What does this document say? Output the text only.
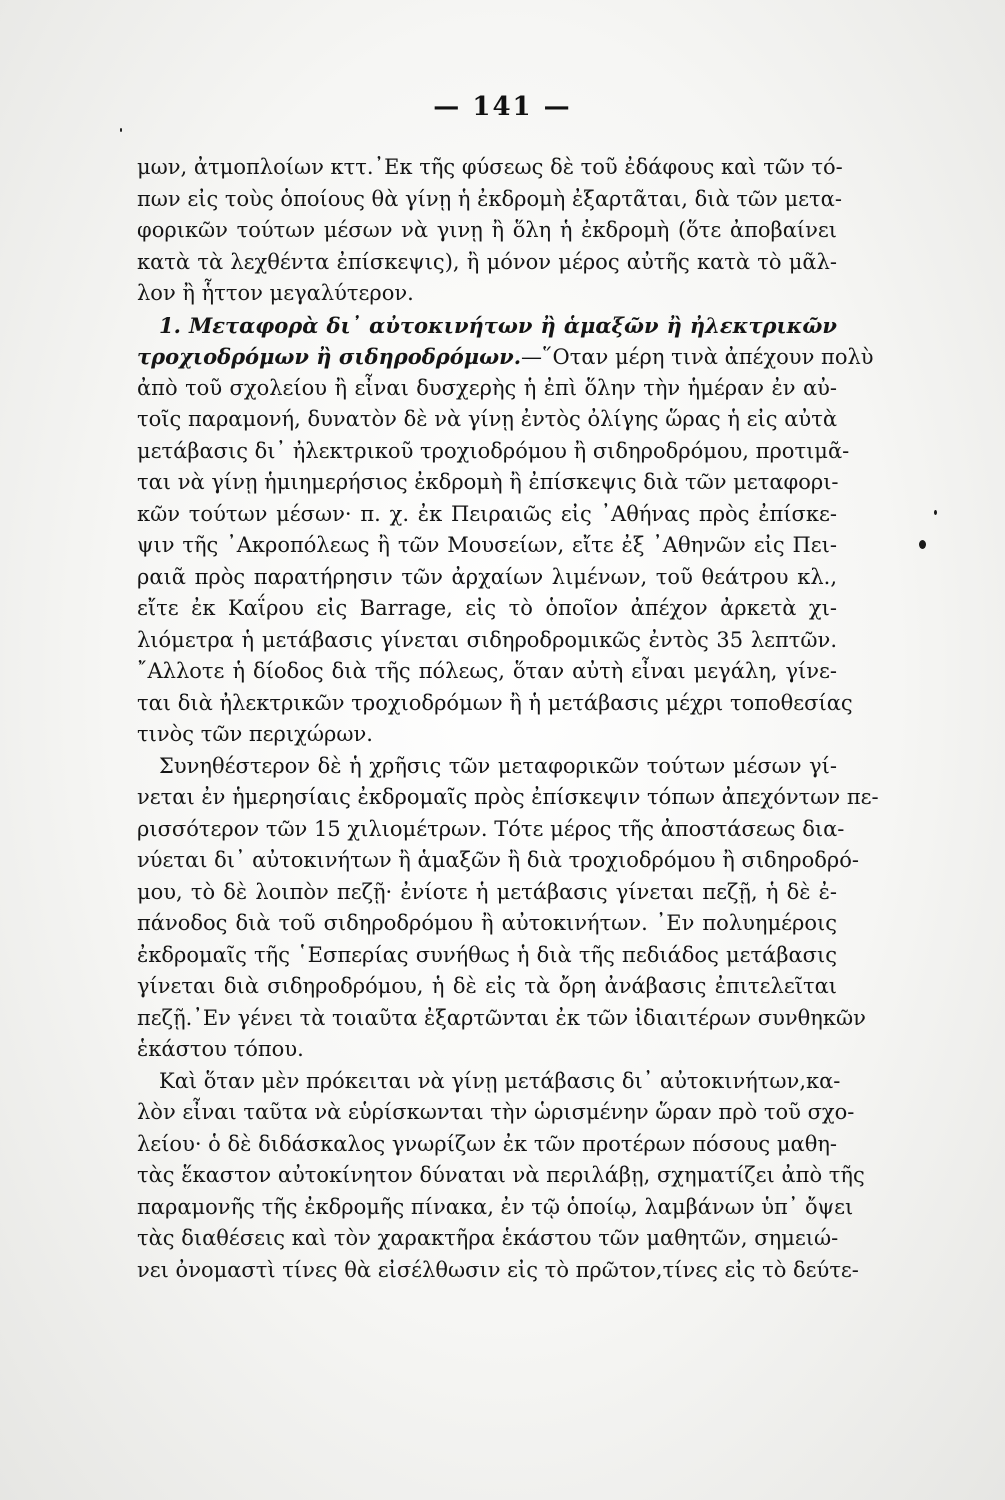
— 141 —
μων, ἀτμοπλοίων κττ.᾿Εκ τῆς φύσεως δὲ τοῦ ἐδάφους καὶ τῶν τό-
πων εἰς τοὺς ὁποίους θὰ γίνῃ ἡ ἐκδρομὴ ἐξαρτᾶται, διὰ τῶν μετα-
φορικῶν τούτων μέσων νὰ γινῃ ἢ ὅλη ἡ ἐκδρομὴ (ὅτε ἀποβαίνει
κατὰ τὰ λεχθέντα ἐπίσκεψις), ἢ μόνον μέρος αὐτῆς κατὰ τὸ μᾶλ-
λον ἢ ἧττον μεγαλύτερον.
1. Μεταφορὰ δι᾿ αὐτοκινήτων ἢ ἁμαξῶν ἢ ἠλεκτρικῶν
τροχιοδρόμων ἢ σιδηροδρόμων.—῞Οταν μέρη τινὰ ἀπέχουν πολὺ
ἀπὸ τοῦ σχολείου ἢ εἶναι δυσχερὴς ἡ ἐπὶ ὅλην τὴν ἡμέραν ἐν αὐ-
τοῖς παραμονή, δυνατὸν δὲ νὰ γίνῃ ἐντὸς ὀλίγης ὥρας ἡ εἰς αὐτὰ
μετάβασις δι᾿ ἠλεκτρικοῦ τροχιοδρόμου ἢ σιδηροδρόμου, προτιμᾶ-
ται νὰ γίνῃ ἡμιημερήσιος ἐκδρομὴ ἢ ἐπίσκεψις διὰ τῶν μεταφορι-
κῶν τούτων μέσων· π. χ. ἐκ Πειραιῶς εἰς ᾿Αθήνας πρὸς ἐπίσκε-
ψιν τῆς ᾿Ακροπόλεως ἢ τῶν Μουσείων, εἴτε ἐξ ᾿Αθηνῶν εἰς Πει-
ραιᾶ πρὸς παρατήρησιν τῶν ἀρχαίων λιμένων, τοῦ θεάτρου κλ.,
εἴτε ἐκ Καΐρου εἰς Barrage, εἰς τὸ ὁποῖον ἀπέχον ἀρκετὰ χι-
λιόμετρα ἡ μετάβασις γίνεται σιδηροδρομικῶς ἐντὸς 35 λεπτῶν.
῎Αλλοτε ἡ δίοδος διὰ τῆς πόλεως, ὅταν αὐτὴ εἶναι μεγάλη, γίνε-
ται διὰ ἠλεκτρικῶν τροχιοδρόμων ἢ ἡ μετάβασις μέχρι τοποθεσίας
τινὸς τῶν περιχώρων.
Συνηθέστερον δὲ ἡ χρῆσις τῶν μεταφορικῶν τούτων μέσων γί-
νεται ἐν ἡμερησίαις ἐκδρομαῖς πρὸς ἐπίσκεψιν τόπων ἀπεχόντων πε-
ρισσότερον τῶν 15 χιλιομέτρων. Τότε μέρος τῆς ἀποστάσεως δια-
νύεται δι᾿ αὐτοκινήτων ἢ ἁμαξῶν ἢ διὰ τροχιοδρόμου ἢ σιδηροδρό-
μου, τὸ δὲ λοιπὸν πεζῇ· ἐνίοτε ἡ μετάβασις γίνεται πεζῇ, ἡ δὲ ἐ-
πάνοδος διὰ τοῦ σιδηροδρόμου ἢ αὐτοκινήτων. ᾿Εν πολυημέροις
ἐκδρομαῖς τῆς ῾Εσπερίας συνήθως ἡ διὰ τῆς πεδιάδος μετάβασις
γίνεται διὰ σιδηροδρόμου, ἡ δὲ εἰς τὰ ὄρη ἀνάβασις ἐπιτελεῖται
πεζῇ.᾿Εν γένει τὰ τοιαῦτα ἐξαρτῶνται ἐκ τῶν ἰδιαιτέρων συνθηκῶν
ἑκάστου τόπου.
Καὶ ὅταν μὲν πρόκειται νὰ γίνῃ μετάβασις δι᾿ αὐτοκινήτων,κα-
λὸν εἶναι ταῦτα νὰ εὑρίσκωνται τὴν ὡρισμένην ὥραν πρὸ τοῦ σχο-
λείου· ὁ δὲ διδάσκαλος γνωρίζων ἐκ τῶν προτέρων πόσους μαθη-
τὰς ἕκαστον αὐτοκίνητον δύναται νὰ περιλάβῃ, σχηματίζει ἀπὸ τῆς
παραμονῆς τῆς ἐκδρομῆς πίνακα, ἐν τῷ ὁποίῳ, λαμβάνων ὑπ᾿ ὄψει
τὰς διαθέσεις καὶ τὸν χαρακτῆρα ἑκάστου τῶν μαθητῶν, σημειώ-
νει ὀνομαστὶ τίνες θὰ εἰσέλθωσιν εἰς τὸ πρῶτον,τίνες εἰς τὸ δεύτε-
